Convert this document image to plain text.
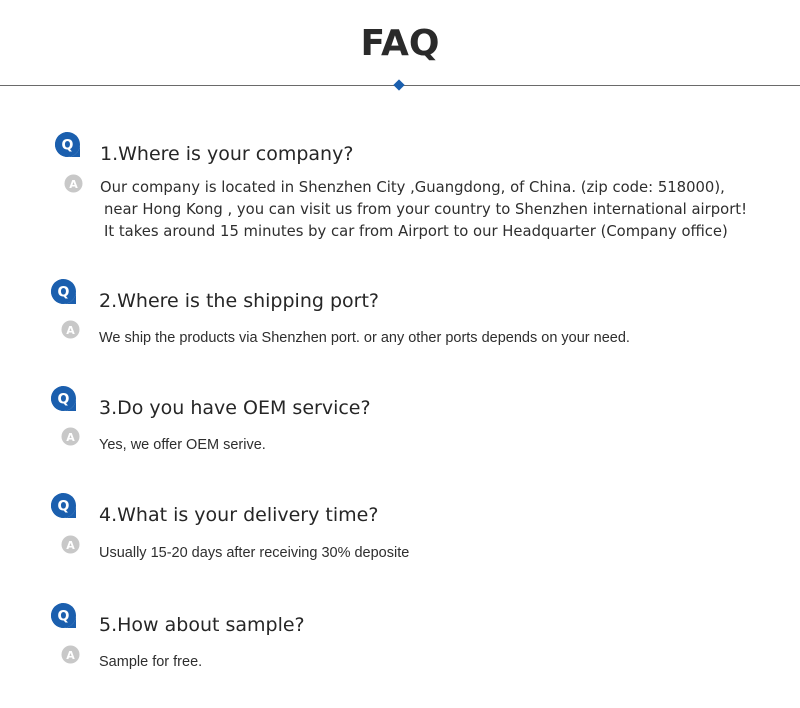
FAQ
Q 1.Where is your company?
A Our company is located in Shenzhen City ,Guangdong, of China. (zip code: 518000),
near Hong Kong , you can visit us from your country to Shenzhen international airport!
It takes around 15 minutes by car from Airport to our Headquarter (Company office)
Q 2.Where is the shipping port?
A We ship the products via Shenzhen port. or any other ports depends on your need.
Q 3.Do you have OEM service?
A Yes, we offer OEM serive.
Q 4.What is your delivery time?
A Usually 15-20 days after receiving 30% deposite
Q 5.How about sample?
A Sample for free.
